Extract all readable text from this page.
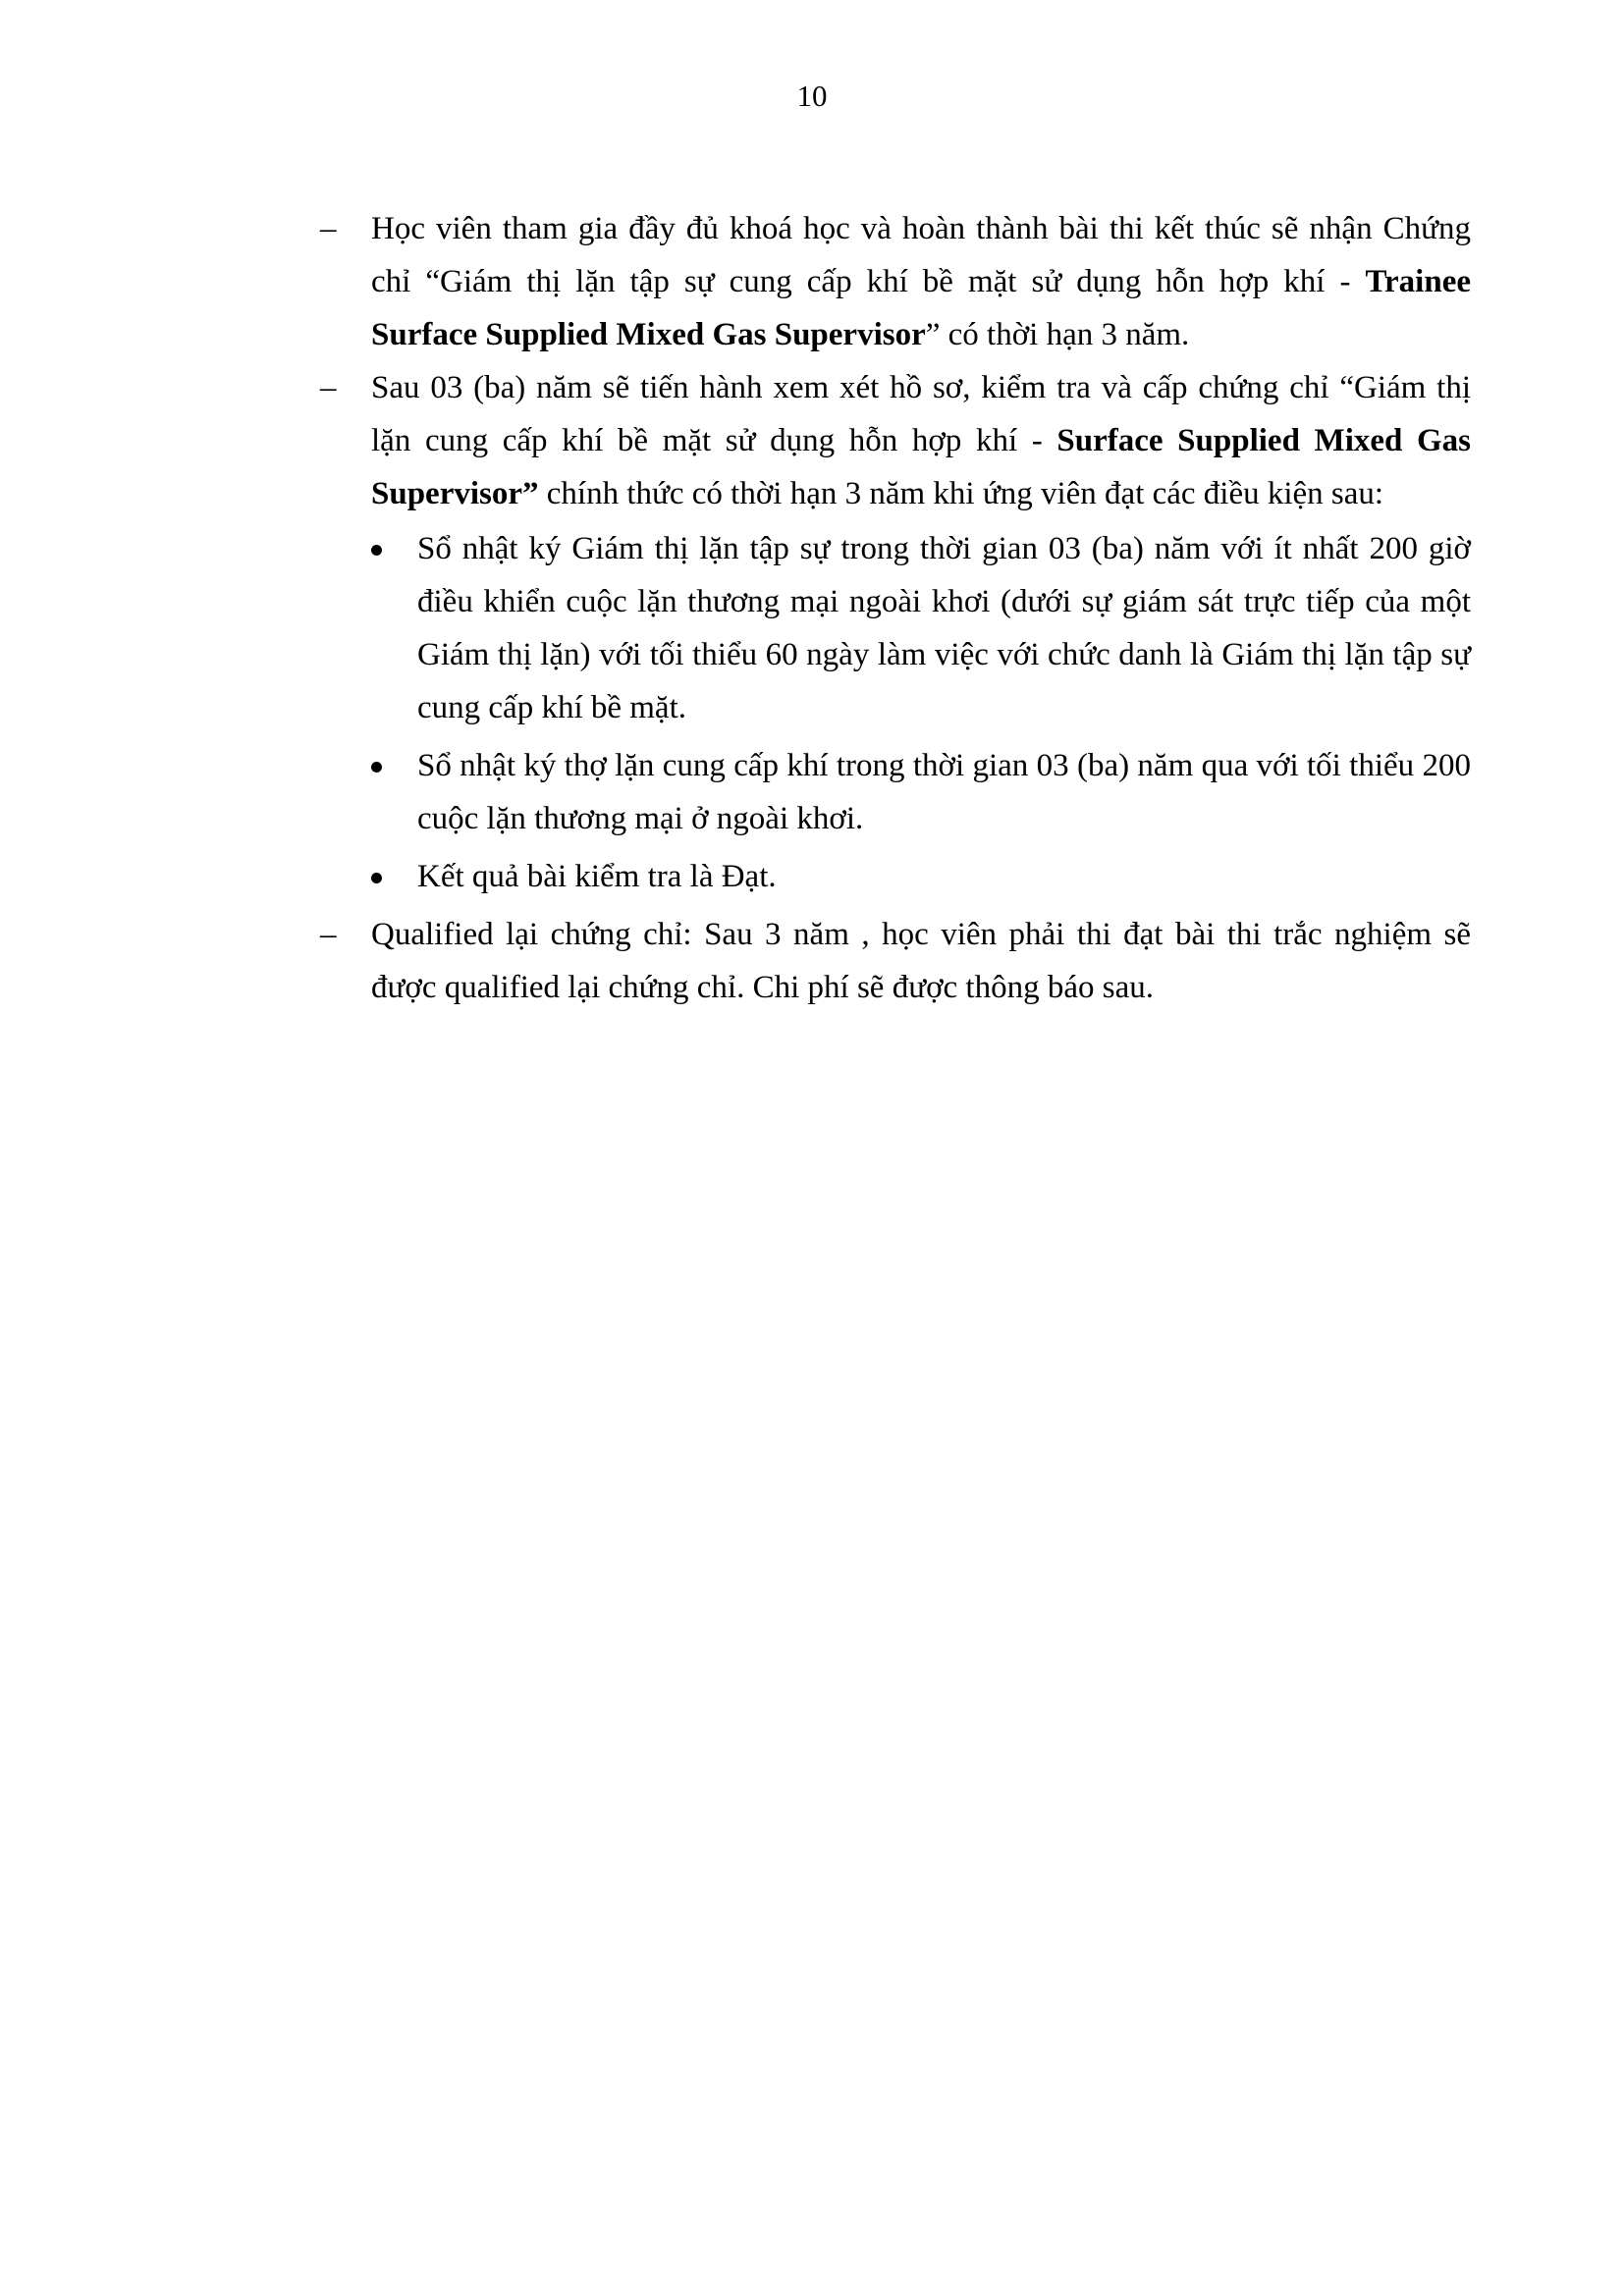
10

–	Học viên tham gia đầy đủ khoá học và hoàn thành bài thi kết thúc sẽ nhận Chứng chỉ “Giám thị lặn tập sự cung cấp khí bề mặt sử dụng hỗn hợp khí - Trainee Surface Supplied Mixed Gas Supervisor” có thời hạn 3 năm.

–	Sau 03 (ba) năm sẽ tiến hành xem xét hồ sơ, kiểm tra và cấp chứng chỉ “Giám thị lặn cung cấp khí bề mặt sử dụng hỗn hợp khí - Surface Supplied Mixed Gas Supervisor” chính thức có thời hạn 3 năm khi ứng viên đạt các điều kiện sau:

Sổ nhật ký Giám thị lặn tập sự trong thời gian 03 (ba) năm với ít nhất 200 giờ điều khiển cuộc lặn thương mại ngoài khơi (dưới sự giám sát trực tiếp của một Giám thị lặn) với tối thiểu 60 ngày làm việc với chức danh là Giám thị lặn tập sự cung cấp khí bề mặt.
Sổ nhật ký thợ lặn cung cấp khí trong thời gian 03 (ba) năm qua với tối thiểu 200 cuộc lặn thương mại ở ngoài khơi.
Kết quả bài kiểm tra là Đạt.

–	Qualified lại chứng chỉ: Sau 3 năm , học viên phải thi đạt bài thi trắc nghiệm sẽ được qualified lại chứng chỉ. Chi phí sẽ được thông báo sau.
